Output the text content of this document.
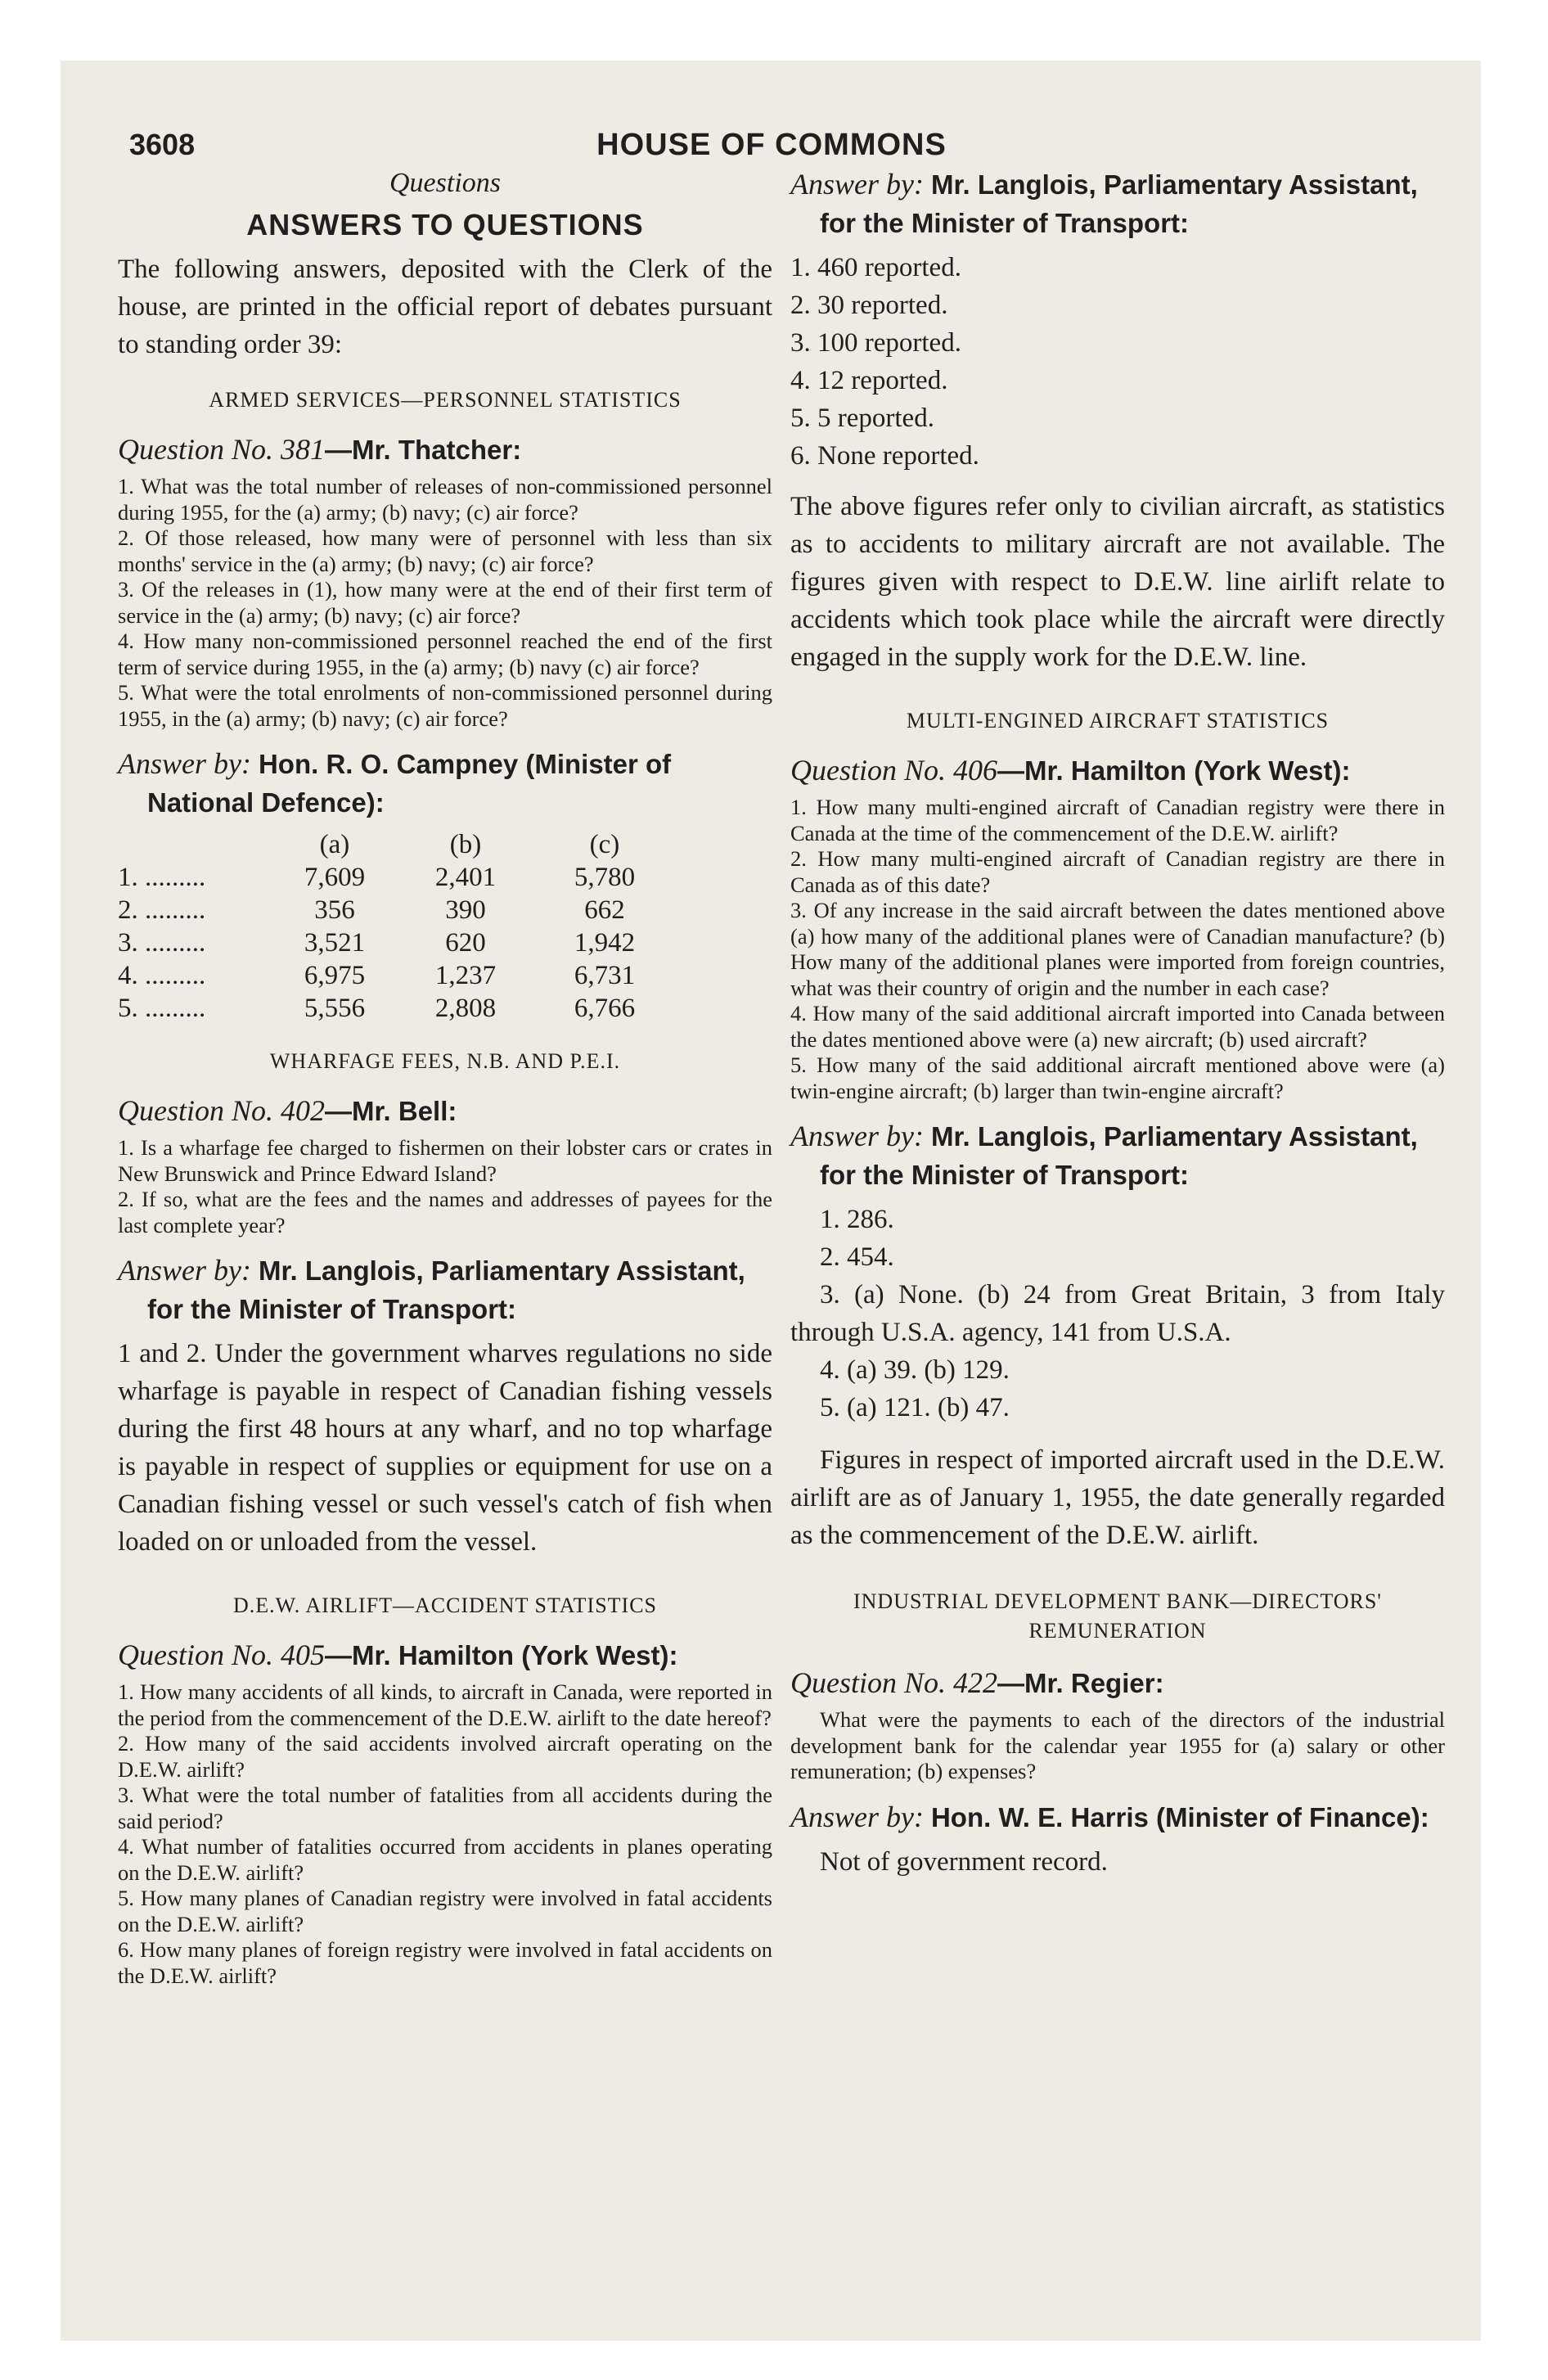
3608	HOUSE OF COMMONS

Questions

ANSWERS TO QUESTIONS

The following answers, deposited with the Clerk of the house, are printed in the official report of debates pursuant to standing order 39:

ARMED SERVICES—PERSONNEL STATISTICS

Question No. 381—Mr. Thatcher:

1. What was the total number of releases of non-commissioned personnel during 1955, for the (a) army; (b) navy; (c) air force?

2. Of those released, how many were of personnel with less than six months' service in the (a) army; (b) navy; (c) air force?

3. Of the releases in (1), how many were at the end of their first term of service in the (a) army; (b) navy; (c) air force?

4. How many non-commissioned personnel reached the end of the first term of service during 1955, in the (a) army; (b) navy (c) air force?

5. What were the total enrolments of non-commissioned personnel during 1955, in the (a) army; (b) navy; (c) air force?

Answer by: Hon. R. O. Campney (Minister of National Defence):

	(a)	(b)	(c)
1. .........	7,609	2,401	5,780
2. .........	356	390	662
3. .........	3,521	620	1,942
4. .........	6,975	1,237	6,731
5. .........	5,556	2,808	6,766

WHARFAGE FEES, N.B. AND P.E.I.

Question No. 402—Mr. Bell:

1. Is a wharfage fee charged to fishermen on their lobster cars or crates in New Brunswick and Prince Edward Island?

2. If so, what are the fees and the names and addresses of payees for the last complete year?

Answer by: Mr. Langlois, Parliamentary Assistant, for the Minister of Transport:

1 and 2. Under the government wharves regulations no side wharfage is payable in respect of Canadian fishing vessels during the first 48 hours at any wharf, and no top wharfage is payable in respect of supplies or equipment for use on a Canadian fishing vessel or such vessel's catch of fish when loaded on or unloaded from the vessel.

D.E.W. AIRLIFT—ACCIDENT STATISTICS

Question No. 405—Mr. Hamilton (York West):

1. How many accidents of all kinds, to aircraft in Canada, were reported in the period from the commencement of the D.E.W. airlift to the date hereof?

2. How many of the said accidents involved aircraft operating on the D.E.W. airlift?

3. What were the total number of fatalities from all accidents during the said period?

4. What number of fatalities occurred from accidents in planes operating on the D.E.W. airlift?

5. How many planes of Canadian registry were involved in fatal accidents on the D.E.W. airlift?

6. How many planes of foreign registry were involved in fatal accidents on the D.E.W. airlift?

Answer by: Mr. Langlois, Parliamentary Assistant, for the Minister of Transport:

1. 460 reported.

2. 30 reported.

3. 100 reported.

4. 12 reported.

5. 5 reported.

6. None reported.

The above figures refer only to civilian aircraft, as statistics as to accidents to military aircraft are not available. The figures given with respect to D.E.W. line airlift relate to accidents which took place while the aircraft were directly engaged in the supply work for the D.E.W. line.

MULTI-ENGINED AIRCRAFT STATISTICS

Question No. 406—Mr. Hamilton (York West):

1. How many multi-engined aircraft of Canadian registry were there in Canada at the time of the commencement of the D.E.W. airlift?

2. How many multi-engined aircraft of Canadian registry are there in Canada as of this date?

3. Of any increase in the said aircraft between the dates mentioned above (a) how many of the additional planes were of Canadian manufacture? (b) How many of the additional planes were imported from foreign countries, what was their country of origin and the number in each case?

4. How many of the said additional aircraft imported into Canada between the dates mentioned above were (a) new aircraft; (b) used aircraft?

5. How many of the said additional aircraft mentioned above were (a) twin-engine aircraft; (b) larger than twin-engine aircraft?

Answer by: Mr. Langlois, Parliamentary Assistant, for the Minister of Transport:

1. 286.

2. 454.

3. (a) None. (b) 24 from Great Britain, 3 from Italy through U.S.A. agency, 141 from U.S.A.

4. (a) 39. (b) 129.

5. (a) 121. (b) 47.

Figures in respect of imported aircraft used in the D.E.W. airlift are as of January 1, 1955, the date generally regarded as the commencement of the D.E.W. airlift.

INDUSTRIAL DEVELOPMENT BANK—DIRECTORS' REMUNERATION

Question No. 422—Mr. Regier:

What were the payments to each of the directors of the industrial development bank for the calendar year 1955 for (a) salary or other remuneration; (b) expenses?

Answer by: Hon. W. E. Harris (Minister of Finance):

Not of government record.
